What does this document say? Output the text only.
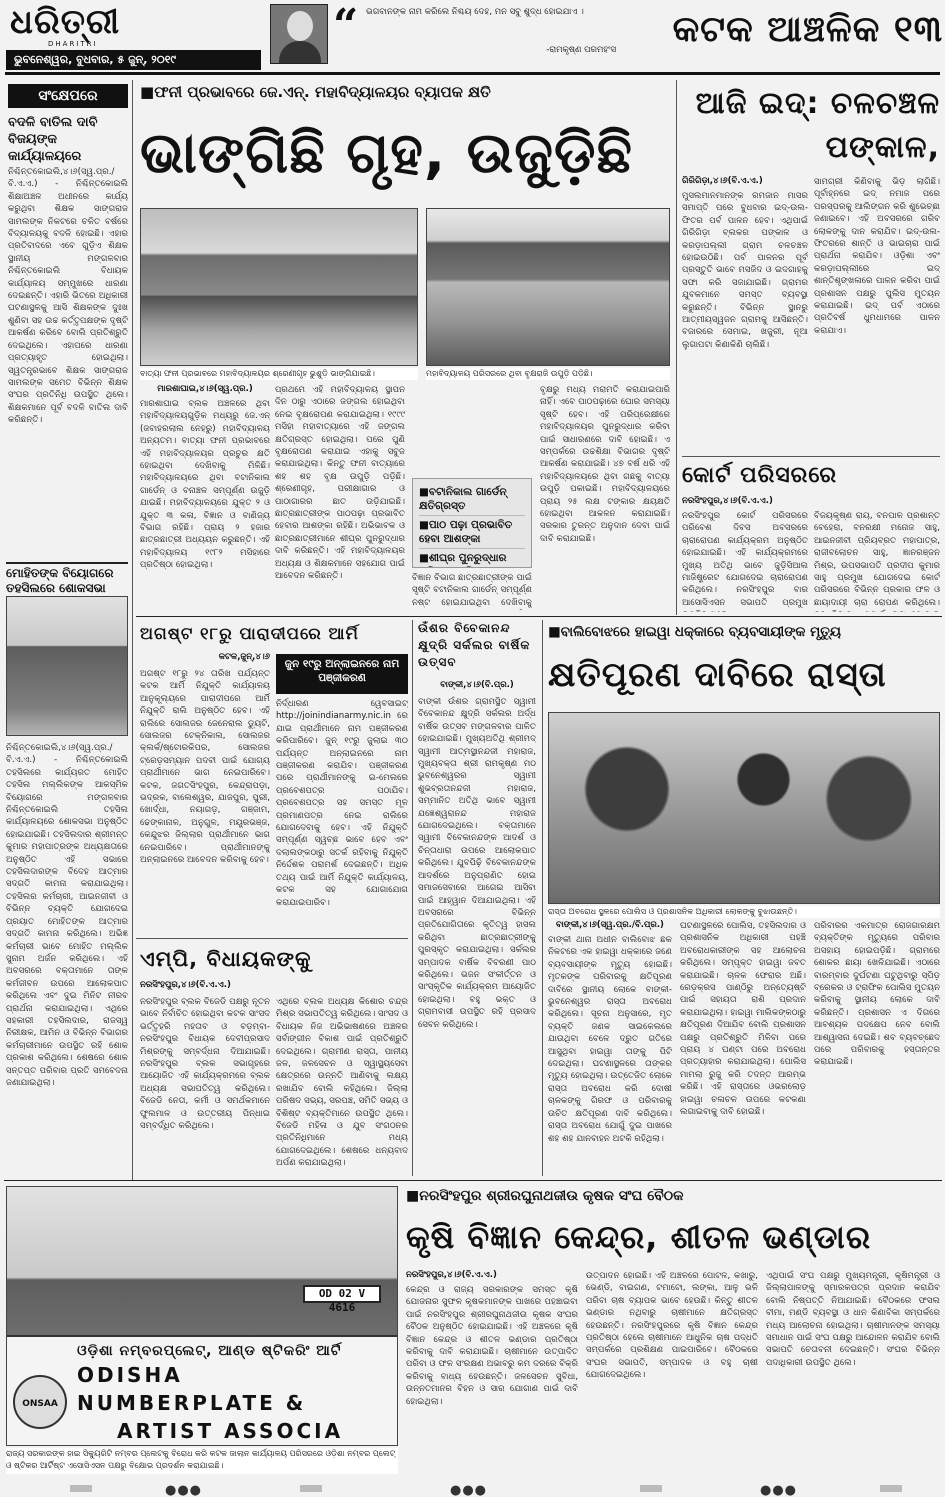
ଧରିତ୍ରୀ
DHARITRI
ଭୁବନେଶ୍ୱର, ବୁଧବାର, ୫ ଜୁନ୍, ୨୦୧୯
“ ଭଗବାନଙ୍କ ନାମ କରିଲେ ନିଶ୍ଚୟ ଦେହ, ମନ ସବୁ ଶୁଦ୍ଧ ହୋଇଯାଏ ।
-ରାମକୃଷ୍ଣ ପରମହଂସ କଟକ ଆଞ୍ଚଳିକ ୧୩
ସଂକ୍ଷେପରେ
ବଦଳି ବାତିଲ ଦାବି ବିଜୟଙ୍କ କାର୍ଯ୍ୟାଳୟରେ
ନିଶ୍ଚିନ୍ତକୋଇଲି,୪।୬(ସ୍ୱ.ପ୍ର./ବି.ଏ.ଏ.) - ନିଶ୍ଚିନ୍ତକୋଇଲି ଶିକ୍ଷାଅଞ୍ଚଳ ଅଧୀନରେ କାର୍ଯ୍ୟ କରୁଥିବା ଶିକ୍ଷକ ସାଙ୍ଗରାଜ ସାମଲଙ୍କ ନିକଟରେ ଚଳିତ ବର୍ଷରେ ବିଦ୍ୟାଳୟକୁ ବଦଳି ହୋଇଛି। ଏହାର ପ୍ରତିବାଦରେ ଏବେ ଗୁଡ଼ିଏ ଶିକ୍ଷକ ସ୍ଥାନୀୟ ମଙ୍ଗଳବାର ନିଶ୍ଚିନ୍ତକୋଇଲି ବିଧାୟକ କାର୍ଯ୍ୟାଳୟ ସମ୍ମୁଖରେ ଧାରଣା ଦେଇଛନ୍ତି। ଏହାରି ଭିତରେ ଅଧିକାରୀ ଘଟଣାସ୍ଥଳକୁ ଆସି ଶିକ୍ଷକଙ୍କ ଦୁଃଖ ଶୁଣିବା ସହ ଉଚ୍ଚ କର୍ତ୍ତୃପକ୍ଷଙ୍କ ଦୃଷ୍ଟି ଆକର୍ଷଣ କରିବେ ବୋଲି ପ୍ରତିଶ୍ରୁତି ଦେଇଥିଲେ। ଏହାପରେ ଧାରଣା ପ୍ରତ୍ୟାହୃତ ହୋଇଥିଲା। ସ୍ୱତନ୍ତ୍ରଭାବେ ଶିକ୍ଷକ ସାଙ୍ଗରାଜ ସାମଲଙ୍କ ସମେତ ବିଭିନ୍ନ ଶିକ୍ଷକ ସଂଘର ପ୍ରତିନିଧି ଉପସ୍ଥିତ ଥିଲେ। ଶିକ୍ଷକମାନେ ପୂର୍ବ ବଦଳି ବାତିଲ ଦାବି କରିଛନ୍ତି।
ମୋହିତଙ୍କ ବିୟୋଗରେ ତହସିଲରେ ଶୋକସଭା
ନିଶ୍ଚିନ୍ତକୋଇଲି,୪।୬(ସ୍ୱ.ପ୍ର./ବି.ଏ.ଏ.) - ନିଶ୍ଚିନ୍ତକୋଇଲି ତହସିଲରେ କାର୍ଯ୍ୟରତ ମୋହିତ ତହସିଲ ମଲ୍ଲିକଙ୍କ ଆକସ୍ମିକ ବିୟୋଗରେ ମଙ୍ଗଳବାର ନିଶ୍ଚିନ୍ତକୋଇଲି ତହସିଲ କାର୍ଯ୍ୟାଳୟରେ ଶୋକସଭା ଅନୁଷ୍ଠିତ ହୋଇଯାଇଛି। ତହସିଲଦାର ଶ୍ରୀମନ୍ତ କୁମାର ମହାପାତ୍ରଙ୍କ ଅଧ୍ୟକ୍ଷତାରେ ଅନୁଷ୍ଠିତ ଏହି ସଭାରେ ତହସିଲଦାରଙ୍କ ବିଦେହ ଆତ୍ମାର ସଦ୍ଗତି କାମନା କରାଯାଇଥିଲା। ତହସିଲର କର୍ମଚାରୀ, ଆଇନଜୀବୀ ଓ ବିଭିନ୍ନ ବ୍ୟକ୍ତି ଯୋଗଦେଇ ପ୍ରୟାତ ମୋହିତଙ୍କ ଆତ୍ମାର ସଦ୍ଗତି କାମନା କରିଥିଲେ। ଅଭିଜ୍ଞ କର୍ମଚାରୀ ଭାବେ ମୋହିତ ମଲ୍ଲିକ ସୁନାମ ଅର୍ଜନ କରିଥିଲେ। ଏହି ଅବସରରେ ବକ୍ତାମାନେ ତାଙ୍କ କର୍ମଜୀବନ ଉପରେ ଆଲୋକପାତ କରିଥିଲେ ଏବଂ ଦୁଇ ମିନିଟ ନୀରବ ପ୍ରାର୍ଥନା କରାଯାଇଥିଲା। ଏଥିରେ ସହକାରୀ ତହସିଲଦାର, ରାଜସ୍ୱ ନିରୀକ୍ଷକ, ଆମିନ ଓ ବିଭିନ୍ନ ବିଭାଗର କର୍ମଚାରୀମାନେ ଉପସ୍ଥିତ ରହି ଶୋକ ପ୍ରକାଶ କରିଥିଲେ। ଶେଷରେ ଶୋକ ସନ୍ତପ୍ତ ପରିବାର ପ୍ରତି ସମବେଦନା ଜଣାଯାଇଥିଲା।
■ ଫନୀ ପ୍ରଭାବରେ ଜେ.ଏନ୍‌. ମହାବିଦ୍ୟାଳୟର ବ୍ୟାପକ କ୍ଷତି
ଭାଙ୍ଗିଛି ଗୃହ, ଉଜୁଡ଼ିଛି
ବାତ୍ୟା ଫନୀ ପ୍ରଭାବରେ ମହାବିଦ୍ୟାଳୟର ଶ୍ରେଣୀଗୃହ ଭୁଶୁଡ଼ି ଭାଙ୍ଗିଯାଇଛି।	ମହାବିଦ୍ୟାଳୟ ପରିସରରେ ଥିବା ବୃକ୍ଷରାଜି ଉପୁଡ଼ି ପଡ଼ିଛି।
ମାରଶାଘାଇ,୪।୬(ସ୍ୱ.ପ୍ର.)
ମାରଶାଘାଇ ବ୍ଲକ ଅଞ୍ଚଳରେ ଥିବା ମହାବିଦ୍ୟାଳୟଗୁଡ଼ିକ ମଧ୍ୟରୁ ଜେ.ଏନ୍‌ (ଜବାହରଲାଲ ନେହରୁ) ମହାବିଦ୍ୟାଳୟ ଅନ୍ୟତମ। ବାତ୍ୟା ଫନୀ ପ୍ରଭାବରେ ଏହି ମହାବିଦ୍ୟାଳୟର ପ୍ରଚୁର କ୍ଷତି ହୋଇଥିବା ଦେଖିବାକୁ ମିଳିଛି। ମହାବିଦ୍ୟାଳୟରେ ଥିବା ବଟାନିକାଲ ଗାର୍ଡେନ୍ ଓ ବନାଞ୍ଚଳ ସମ୍ପୂର୍ଣ୍ଣ ଉଜୁଡ଼ି ଯାଇଛି। ମହାବିଦ୍ୟାଳୟରେ ଯୁକ୍ତ ୨ ଓ ଯୁକ୍ତ ୩ କଳା, ବିଜ୍ଞାନ ଓ ବାଣିଜ୍ୟ ବିଭାଗ ରହିଛି। ପ୍ରାୟ ୨ ହଜାର ଛାତ୍ରଛାତ୍ରୀ ଅଧ୍ୟୟନ କରୁଛନ୍ତି। ଏହି ମହାବିଦ୍ୟାଳୟ ୧୯୮୨ ମସିହାରେ ପ୍ରତିଷ୍ଠା ହୋଇଥିଲା।
ପ୍ରଥମେ ଏହି ମହାବିଦ୍ୟାଳୟ ସ୍ଥାପନ ଦିନ ଠାରୁ ଏଠାରେ ଜଙ୍ଗଲ ହୋଇଥିବା ନେଇ ବୃକ୍ଷରୋପଣ କରାଯାଇଥିଲା। ୧୯୯୯ ମସିହା ମହାବାତ୍ୟାରେ ଏହି ଜଙ୍ଗଲ କ୍ଷତିଗ୍ରସ୍ତ ହୋଇଥିଲା। ପରେ ପୁଣି ବୃକ୍ଷରୋପଣ କରାଯାଇ ଏହାକୁ ସବୁଜ କରାଯାଇଥିଲା। କିନ୍ତୁ ଫନୀ ବାତ୍ୟାରେ ଶହ ଶହ ବୃକ୍ଷ ଉପୁଡ଼ି ପଡ଼ିଛି। ଶ୍ରେଣୀଗୃହ, ପରୀକ୍ଷାଗାର ଓ ପାଠାଗାରର ଛାତ ଉଡ଼ିଯାଇଛି। ଛାତ୍ରଛାତ୍ରୀଙ୍କ ପାଠପଢ଼ା ପ୍ରଭାବିତ ହେବାର ଆଶଙ୍କା ରହିଛି। ଅଭିଭାବକ ଓ ଛାତ୍ରଛାତ୍ରୀମାନେ ଶୀଘ୍ର ପୁନରୁଦ୍ଧାର ଦାବି କରିଛନ୍ତି। ଏହି ମହାବିଦ୍ୟାଳୟର ଅଧ୍ୟକ୍ଷ ଓ ଶିକ୍ଷକମାନେ ସହଯୋଗ ପାଇଁ ଆବେଦନ କରିଛନ୍ତି।
■ ବଟାନିକାଲ ଗାର୍ଡେନ୍ କ୍ଷତିଗ୍ରସ୍ତ
■ ପାଠ ପଢ଼ା ପ୍ରଭାବିତ ହେବା ଆଶଙ୍କା
■ ଶୀଘ୍ର ପୁନରୁଦ୍ଧାର
ବିଜ୍ଞାନ ବିଭାଗ ଛାତ୍ରଛାତ୍ରୀଙ୍କ ପାଇଁ ସୃଷ୍ଟି ବଟାନିକାଲ ଗାର୍ଡେନ୍‌ ସମ୍ପୂର୍ଣ୍ଣ ନଷ୍ଟ ହୋଇଯାଇଥିବା ଦେଖିବାକୁ
ବୃକ୍ଷରୁ ମଧ୍ୟ ମରାମତି କରାଯାଇପାରି ନାହିଁ। ଏବେ ପାଠପଢ଼ାରେ ଘୋର ସମସ୍ୟା ସୃଷ୍ଟି ହେବ। ଏହି ପରିପ୍ରେକ୍ଷୀରେ ମହାବିଦ୍ୟାଳୟର ପୁନରୁଦ୍ଧାର କରିବା ପାଇଁ ସାଧାରଣରେ ଦାବି ହୋଇଛି। ଏ ସମ୍ପର୍କରେ ଉଚ୍ଚଶିକ୍ଷା ବିଭାଗର ଦୃଷ୍ଟି ଆକର୍ଷଣ କରାଯାଇଛି। ୪୭ ବର୍ଷ ଧରି ଏହି ମହାବିଦ୍ୟାଳୟରେ ଥିବା ଗଛକୁ ବାତ୍ୟା ଉପୁଡ଼ି ପକାଇଛି। ମହାବିଦ୍ୟାଳୟରେ ପ୍ରାୟ ୨୫ ଲକ୍ଷ ଟଙ୍କାର କ୍ଷୟକ୍ଷତି ହୋଇଥିବା ଆକଳନ କରାଯାଇଛି। ସରକାର ତୁରନ୍ତ ଅନୁଦାନ ଦେବା ପାଇଁ ଦାବି କରାଯାଇଛି।
ଆଜି ଇଦ୍‌: ଚଳଚଞ୍ଚଳ ପଙ୍କାଳ,
ଗିରିଗିଡ଼ା,୪।୬(ବି.ଏ.ଏ.)
ମୁସଲମାନମାନଙ୍କ ରମଜାନ ମାସର ସମାପ୍ତି ପରେ ବୁଧବାର ଇଦ୍‌-ଉଲ-ଫିତର ପର୍ବ ପାଳନ ହେବ। ଏଥିପାଇଁ ଗିରିଗିଡ଼ା ବ୍ଲକର ପଙ୍କାଳ ଓ କରଡ଼ାପଲ୍ଲୀ ଗ୍ରାମ ଚଳଚଞ୍ଚଳ ହୋଇଉଠିଛି। ପର୍ବ ପାଳନର ପୂର୍ବ ପ୍ରସ୍ତୁତି ଭାବେ ମସଜିଦ ଓ ଇଦଗାହକୁ ସଫା କରି ସଜାଯାଇଛି। ଗ୍ରାମର ଯୁବକମାନେ ସମସ୍ତ ବ୍ୟବସ୍ଥା କରୁଛନ୍ତି। ବିଭିନ୍ନ ସ୍ଥାନରୁ ଆତ୍ମୀୟସ୍ୱଜନ ଗ୍ରାମକୁ ଆସିଛନ୍ତି। ବଜାରରେ ସେମାଇ, ଖଜୁରୀ, ନୂଆ ଲୁଗାପଟା କିଣାକିଣି ଚାଲିଛି।
ସାମଗ୍ରୀ କିଣିବାକୁ ଭିଡ଼ ଲାଗିଛି। ପୂର୍ବାହ୍ନରେ ଇଦ୍ ନମାଜ ପରେ ପରସ୍ପରକୁ ଆଲିଙ୍ଗନ କରି ଶୁଭେଚ୍ଛା ଜଣାଇବେ। ଏହି ଅବସରରେ ଗରିବ ଲୋକଙ୍କୁ ଦାନ କରାଯିବ। ଇଦ୍‌-ଉଲ-ଫିତରରେ ଶାନ୍ତି ଓ ଭାଇଚାରା ପାଇଁ ପ୍ରାର୍ଥନା କରାଯିବ। ଓଡ଼ିଶା ଏବଂ କରଡ଼ାପଲ୍ଲୀରେ ଇଦ୍ ଶାନ୍ତିଶୃଙ୍ଖଳାରେ ପାଳନ କରିବା ପାଇଁ ପ୍ରଶାସନ ପକ୍ଷରୁ ପୁଲିସ ମୁତୟନ କରାଯାଇଛି। ଇଦ୍‌ ପର୍ବ ଏଠାରେ ପ୍ରତିବର୍ଷ ଧୁମଧାମରେ ପାଳନ କରାଯାଏ।
କୋର୍ଟ ପରିସରରେ
ନରସିଂହପୁର,୪।୬(ବି.ଏ.ଏ.)
ନରସିଂହପୁର କୋର୍ଟ ପରିସରରେ ପରିବେଶ ଦିବସ ଅବସରରେ ଚାରାରୋପଣ କାର୍ଯ୍ୟକ୍ରମ ଅନୁଷ୍ଠିତ ହୋଇଯାଇଛି। ଏହି କାର୍ଯ୍ୟକ୍ରମରେ ମୁଖ୍ୟ ଅତିଥି ଭାବେ ଜୁଡ଼ିସିଆଲ ମାଜିଷ୍ଟ୍ରେଟ ଯୋଗଦେଇ ଚାରାରୋପଣ କରିଥିଲେ। ନରସିଂହପୁର ବାର ଆସୋସିଏସନ ସଭାପତି ପ୍ରମୁଖ
ବିଜୟକୃଷ୍ଣ ରାୟ, ବନପାଳ ପ୍ରଶାନ୍ତ ବେହେରା, ବନରକ୍ଷୀ ମନୋଜ ସାହୁ, ଆଇନଜୀବୀ ପ୍ରିୟବ୍ରତ ମହାପାତ୍ର, ରାଜୀବଲୋଚନ ସାହୁ, ଜ୍ଞାନରଞ୍ଜନ ମିଶ୍ର, ଉପସଭାପତି ପ୍ରଦୀପ କୁମାର ସାହୁ ପ୍ରମୁଖ ଯୋଗଦେଇ କୋର୍ଟ ପରିସରରେ ବିଭିନ୍ନ ପ୍ରକାର ଫଳ ଓ ଛାୟାଦାୟୀ ଚାରା ରୋପଣ କରିଥିଲେ।
ଅଗଷ୍ଟ ୧୮ରୁ ପାରାଦୀପରେ ଆର୍ମି
କଟକ,ଜୁନ୍‌,୪।୬
ଜୁନ ୧୯ରୁ ଅନ୍‌ଲାଇନରେ ନାମ ପଞ୍ଜୀକରଣ
ଅଗଷ୍ଟ ୧୮ରୁ ୨୪ ତାରିଖ ପର୍ଯ୍ୟନ୍ତ କଟକ ଆର୍ମି ନିଯୁକ୍ତି କାର୍ଯ୍ୟାଳୟ ଆନୁକୂଲ୍ୟରେ ପାରାଦୀପରେ ଆର୍ମି ନିଯୁକ୍ତି ରାଲି ଅନୁଷ୍ଠିତ ହେବ। ଏହି ରାଲିରେ ସୋଲଜର ଜେନେରାଲ ଡ୍ୟୁଟି, ସୋଲଜର ଟେକ୍‌ନିକାଲ, ସୋଲଜର କ୍ଲର୍କ/ଷ୍ଟୋରକିପର, ସୋଲଜର ଟ୍ରେଡ଼ସମ୍ୟାନ ପଦବୀ ପାଇଁ ଯୋଗ୍ୟ ପ୍ରାର୍ଥୀମାନେ ଭାଗ ନେଇପାରିବେ। କଟକ, ଜଗତସିଂହପୁର, କେନ୍ଦ୍ରାପଡ଼ା, ଭଦ୍ରକ, ବାଲେଶ୍ୱର, ଯାଜପୁର, ପୁରୀ, ଖୋର୍ଦ୍ଧା, ନୟାଗଡ଼, ଗଞ୍ଜାମ, ଢେଙ୍କାନାଳ, ଅନୁଗୁଳ, ମୟୂରଭଞ୍ଜ, କେନ୍ଦୁଝର ଜିଲ୍ଲାର ପ୍ରାର୍ଥୀମାନେ ଭାଗ ନେଇପାରିବେ। ପ୍ରାର୍ଥୀମାନଙ୍କୁ ଅନ୍‌ଲାଇନରେ ଆବେଦନ କରିବାକୁ ହେବ।
ନିର୍ଦ୍ଧାରଣ ୱେବସାଇଟ୍‌ http://joinindianarmy.nic.in ରେ ଯାଇ ପ୍ରାର୍ଥୀମାନେ ନାମ ପଞ୍ଜୀକରଣ କରିପାରିବେ। ଜୁନ୍‌ ୧୯ରୁ ଜୁଲାଇ ୩୦ ପର୍ଯ୍ୟନ୍ତ ଅନ୍‌ଲାଇନରେ ନାମ ପଞ୍ଜୀକରଣ କରାଯିବ। ପଞ୍ଜୀକରଣ ପରେ ପ୍ରାର୍ଥୀମାନଙ୍କୁ ଇ-ମେଲରେ ପ୍ରବେଶପତ୍ର ପଠାଯିବ। ପ୍ରବେଶପତ୍ର ସହ ସମସ୍ତ ମୂଳ ପ୍ରମାଣପତ୍ର ନେଇ ରାଲିରେ ଯୋଗଦେବାକୁ ହେବ। ଏହି ନିଯୁକ୍ତି ସମ୍ପୂର୍ଣ୍ଣ ସ୍ୱଚ୍ଛ ଭାବେ ହେବ ଏବଂ ଦଲାଲଙ୍କଠାରୁ ସତର୍କ ରହିବାକୁ ନିଯୁକ୍ତି ନିର୍ଦ୍ଦେଶକ ପରାମର୍ଶ ଦେଇଛନ୍ତି। ଅଧିକ ତଥ୍ୟ ପାଇଁ ଆର୍ମି ନିଯୁକ୍ତି କାର୍ଯ୍ୟାଳୟ, କଟକ ସହ ଯୋଗାଯୋଗ କରାଯାଇପାରିବ।
ଉଁଶର ବିବେକାନନ୍ଦ କ୍ଷୁଦ୍ରି ସର୍କଲର ବାର୍ଷିକ ଉତ୍ସବ
ବାଙ୍କୀ,୪।୬(ବି.ପ୍ର.)
ବାଙ୍କୀ ଉଁଶର ଗ୍ରାମସ୍ଥିତ ସ୍ୱାମୀ ବିବେକାନନ୍ଦ କ୍ଷୁଦ୍ରି ସର୍କଲର ଅର୍ଦ୍ଧ ବାର୍ଷିକ ଉତ୍ସବ ମଙ୍ଗଳବାର ପାଳିତ ହୋଇଯାଇଛି। ମୁଖ୍ୟଅତିଥି ଶ୍ରୀମଦ୍ ସ୍ୱାମୀ ଆତ୍ମସ୍ଥାନନ୍ଦଜୀ ମହାରାଜ, ମୁଖ୍ୟବକ୍ତା ଶ୍ରୀ ରାମକୃଷ୍ଣ ମଠ ଭୁବନେଶ୍ୱରର ସ୍ୱାମୀ ଶୁଭବ୍ରତାନନ୍ଦଜୀ ମହାରାଜ, ସମ୍ମାନିତ ଅତିଥି ଭାବେ ସ୍ୱାମୀ ଯଜ୍ଞେଶ୍ୱରାନନ୍ଦ ମହାରାଜ ଯୋଗଦେଇଥିଲେ। ବକ୍ତାମାନେ ସ୍ୱାମୀ ବିବେକାନନ୍ଦଙ୍କ ଆଦର୍ଶ ଓ ଚିନ୍ତାଧାରା ଉପରେ ଆଲୋକପାତ କରିଥିଲେ। ଯୁବପିଢ଼ି ବିବେକାନନ୍ଦଙ୍କ ଆଦର୍ଶରେ ଅନୁପ୍ରାଣିତ ହୋଇ ସମାଜସେବାରେ ଆଗେଇ ଆସିବା ପାଇଁ ଆହ୍ୱାନ ଦିଆଯାଇଥିଲା। ଏହି ଅବସରରେ ବିଭିନ୍ନ ପ୍ରତିଯୋଗିତାରେ କୃତିତ୍ୱ ହାସଲ କରିଥିବା ଛାତ୍ରଛାତ୍ରୀଙ୍କୁ ପୁରସ୍କୃତ କରାଯାଇଥିଲା। ସର୍କଲର ସମ୍ପାଦକ ବାର୍ଷିକ ବିବରଣୀ ପାଠ କରିଥିଲେ। ଭଜନ ସଂକୀର୍ତ୍ତନ ଓ ସାଂସ୍କୃତିକ କାର୍ଯ୍ୟକ୍ରମ ଆୟୋଜିତ ହୋଇଥିଲା। ବହୁ ଭକ୍ତ ଓ ଗ୍ରାମବାସୀ ଉପସ୍ଥିତ ରହି ପ୍ରସାଦ ସେବନ କରିଥିଲେ।
■ ବାଲିବୋଝରେ ହାଇୱା ଧକ୍କାରେ ବ୍ୟବସାୟୀଙ୍କ ମୃତ୍ୟୁ
କ୍ଷତିପୂରଣ ଦାବିରେ ରାସ୍ତା
ରାସ୍ତା ଅବରୋଧ ସ୍ଥଳରେ ପୋଲିସ ଓ ପ୍ରଶାସନିକ ଅଧିକାରୀ ଲୋକଙ୍କୁ ବୁଝାଉଛନ୍ତି।
ବାଙ୍କୀ,୪।୬(ସ୍ୱ.ପ୍ର./ବି.ପ୍ର.)
ବାଙ୍କୀ ଥାନା ଅଧୀନ ବାଲିବୋଝ ଛକ ନିକଟରେ ଏକ ହାଇୱା ଧକ୍କାରେ ଜଣେ ବ୍ୟବସାୟୀଙ୍କ ମୃତ୍ୟୁ ହୋଇଛି। ମୃତକଙ୍କ ପରିବାରକୁ କ୍ଷତିପୂରଣ ଦାବିରେ ସ୍ଥାନୀୟ ଲୋକେ ବାଙ୍କୀ-ଭୁବନେଶ୍ୱର ରାସ୍ତା ଅବରୋଧ କରିଥିଲେ। ସୂଚନା ଅନୁସାରେ, ମୃତ ବ୍ୟକ୍ତି ଜଣକ ସାଇକେଲରେ ଯାଉଥିବା ବେଳେ ଦ୍ରୁତ ଗତିରେ ଆସୁଥିବା ହାଇୱା ତାଙ୍କୁ ପିଟି ଦେଇଥିଲା। ଘଟଣାସ୍ଥଳରେ ତାଙ୍କର ମୃତ୍ୟୁ ହୋଇଥିଲା। ଉତ୍ତେଜିତ ଲୋକେ ରାସ୍ତା ଅବରୋଧ କରି ଦୋଷୀ ଚାଳକଙ୍କୁ ଗିରଫ ଓ ପରିବାରକୁ ଉଚିତ କ୍ଷତିପୂରଣ ଦାବି କରିଥିଲେ। ରାସ୍ତା ଅବରୋଧ ଯୋଗୁଁ ଦୁଇ ପାଖରେ ଶହ ଶହ ଯାନବାହନ ଅଟକି ରହିଥିଲା।
ଘଟଣାସ୍ଥଳରେ ପୋଲିସ, ତହସିଲଦାର ଓ ପ୍ରଶାସନିକ ଅଧିକାରୀ ପହଞ୍ଚି ଅବରୋଧକାରୀଙ୍କ ସହ ଆଲୋଚନା କରିଥିଲେ। ସମ୍ପୃକ୍ତ ହାଇୱା ଜବତ କରାଯାଇଛି। ଚାଳକ ଫେରାର ଅଛି। ରେଡ଼କ୍ରସ ପାଣ୍ଠିରୁ ଅନ୍ତ୍ୟେଷ୍ଟି ପାଇଁ ସହାୟତା ରାଶି ପ୍ରଦାନ କରାଯାଇଥିଲା। ହାଇୱା ମାଲିକଙ୍କଠାରୁ କ୍ଷତିପୂରଣ ଦିଆଯିବ ବୋଲି ପ୍ରଶାସନ ପକ୍ଷରୁ ପ୍ରତିଶ୍ରୁତି ମିଳିବା ପରେ ପ୍ରାୟ ୪ ଘଣ୍ଟା ପରେ ଅବରୋଧ ପ୍ରତ୍ୟାହାର କରାଯାଇଥିଲା। ପୋଲିସ ମାମଲା ରୁଜୁ କରି ତଦନ୍ତ ଆରମ୍ଭ କରିଛି। ଏହି ରାସ୍ତାରେ ଓଭରଲୋଡ଼ ହାଇୱା ଚଳାଚଳ ଉପରେ କଟକଣା ଲଗାଇବାକୁ ଦାବି ହୋଇଛି।
ପରିବାରର ଏକମାତ୍ର ରୋଜଗାରକ୍ଷମ ବ୍ୟକ୍ତିଙ୍କ ମୃତ୍ୟୁରେ ପରିବାର ଅସହାୟ ହୋଇପଡ଼ିଛି। ଗ୍ରାମରେ ଶୋକର ଛାୟା ଖେଳିଯାଇଛି। ଏଠାରେ ବାରମ୍ବାର ଦୁର୍ଘଟଣା ଘଟୁଥିବାରୁ ସ୍ପିଡ଼ ବ୍ରେକର ଓ ଟ୍ରାଫିକ ପୋଲିସ ମୁତୟନ କରିବାକୁ ସ୍ଥାନୀୟ ଲୋକେ ଦାବି କରିଛନ୍ତି। ପ୍ରଶାସନ ଏ ଦିଗରେ ଆବଶ୍ୟକ ପଦକ୍ଷେପ ନେବ ବୋଲି ଆଶ୍ୱାସନା ଦେଇଛି। ଶବ ବ୍ୟବଚ୍ଛେଦ ପରେ ପରିବାରକୁ ହସ୍ତାନ୍ତର କରାଯାଇଛି।
ଏମ୍‌ପି, ବିଧାୟକଙ୍କୁ
ନରସିଂହପୁର,୪।୬(ବି.ଏ.ଏ.)
ନରସିଂହପୁର ବ୍ଲକ ବିଜେଡି ପକ୍ଷରୁ ନୂତନ ଭାବେ ନିର୍ବାଚିତ ହୋଇଥିବା କଟକ ସାଂସଦ ଭର୍ତ୍ତୃହରି ମହତାବ ଓ ବଡ଼ମ୍ବା-ନରସିଂହପୁର ବିଧାୟକ ଦେବୀପ୍ରସାଦ ମିଶ୍ରଙ୍କୁ ସମ୍ବର୍ଦ୍ଧନା ଦିଆଯାଇଛି। ନରସିଂହପୁର ବ୍ଲକ ସଭାଗୃହରେ ଆୟୋଜିତ ଏହି କାର୍ଯ୍ୟକ୍ରମରେ ବ୍ଲକ ଅଧ୍ୟକ୍ଷ ସଭାପତିତ୍ୱ କରିଥିଲେ। ବିଜେଡି ନେତା, କର୍ମୀ ଓ ସମର୍ଥକମାନେ ଫୁଲମାଳ ଓ ଉତ୍ତରୀୟ ପିନ୍ଧାଇ ସମ୍ବର୍ଦ୍ଧିତ କରିଥିଲେ।
ଏଥିରେ ବ୍ଲକ ଅଧ୍ୟକ୍ଷ କିଶୋର ଚନ୍ଦ୍ର ମିଶ୍ର ସଭାପତିତ୍ୱ କରିଥିଲେ। ସାଂସଦ ଓ ବିଧାୟକ ନିଜ ଅଭିଭାଷଣରେ ଅଞ୍ଚଳର ସର୍ବାଙ୍ଗୀନ ବିକାଶ ପାଇଁ ପ୍ରତିଶ୍ରୁତି ଦେଇଥିଲେ। ଗ୍ରାମୀଣ ରାସ୍ତା, ପାନୀୟ ଜଳ, ଜଳସେଚନ ଓ ସ୍ୱାସ୍ଥ୍ୟସେବା କ୍ଷେତ୍ରରେ ଉନ୍ନତି ଆଣିବାକୁ ଲକ୍ଷ୍ୟ ରଖାଯିବ ବୋଲି କହିଥିଲେ। ଜିଲ୍ଲା ପରିଷଦ ସଭ୍ୟ, ସରପଞ୍ଚ, ସମିତି ସଭ୍ୟ ଓ ବିଶିଷ୍ଟ ବ୍ୟକ୍ତିମାନେ ଉପସ୍ଥିତ ଥିଲେ। ବିଜେଡି ମହିଳା ଓ ଯୁବ ସଂଗଠନର ପ୍ରତିନିଧିମାନେ ମଧ୍ୟ ଯୋଗଦେଇଥିଲେ। ଶେଷରେ ଧନ୍ୟବାଦ ଅର୍ପଣ କରାଯାଇଥିଲା।
OD 02 V 4616
ଓଡ଼ିଶା ନମ୍ବରପ୍ଲେଟ୍, ଆଣ୍ଡ ଷ୍ଟିକରିଂ ଆର୍ଟି
ODISHA NUMBERPLATE &
ARTIST ASSOCIA
ONSAA
ରାଜ୍ୟ ସରକାରଙ୍କ ହାଇ ସିକ୍ୟୁରିଟି ନମ୍ବର ପ୍ଲେଟକୁ ବିରୋଧ କରି କଟକ ଜାଲାନ କାର୍ଯ୍ୟାଳୟ ପରିସରରେ ଓଡ଼ିଶା ନମ୍ବର ପ୍ଲେଟ୍ ଓ ଷ୍ଟିକର ଆର୍ଟିଷ୍ଟ ଏସୋସିଏସନ ପକ୍ଷରୁ ବିକ୍ଷୋଭ ପ୍ରଦର୍ଶନ କରାଯାଇଛି।
■ ନରସିଂହପୁର ଶ୍ରୀରଘୁନାଥଜୀଉ କୃଷକ ସଂଘ ବୈଠକ
କୃଷି ବିଜ୍ଞାନ କେନ୍ଦ୍ର, ଶୀତଳ ଭଣ୍ଡାର
ନରସିଂହପୁର,୪।୬(ବି.ଏ.ଏ.)
କେନ୍ଦ୍ର ଓ ରାଜ୍ୟ ସରକାରଙ୍କ ସମସ୍ତ କୃଷି ଯୋଜନାର ସୁଫଳ କୃଷକମାନଙ୍କ ପାଖରେ ପହଞ୍ଚାଇବା ପାଇଁ ନରସିଂହପୁର ଶ୍ରୀରଘୁନାଥଜୀଉ କୃଷକ ସଂଘର ବୈଠକ ଅନୁଷ୍ଠିତ ହୋଇଯାଇଛି। ଏହି ଅଞ୍ଚଳରେ କୃଷି ବିଜ୍ଞାନ କେନ୍ଦ୍ର ଓ ଶୀତଳ ଭଣ୍ଡାର ପ୍ରତିଷ୍ଠା କରିବାକୁ ଦାବି କରାଯାଇଛି। ଚାଷୀମାନେ ଉତ୍ପାଦିତ ପରିବା ଓ ଫଳ ସଂରକ୍ଷଣ ଅଭାବରୁ କମ ଦରରେ ବିକ୍ରି କରିବାକୁ ବାଧ୍ୟ ହେଉଛନ୍ତି। ଜଳସେଚନ ସୁବିଧା, ଉନ୍ନତମାନର ବିହନ ଓ ସାର ଯୋଗାଣ ପାଇଁ ଦାବି ହୋଇଥିଲା।
ଉତ୍ପାଦନ ହୋଇଛି। ଏହି ଅଞ୍ଚଳରେ ପୋଟଳ, କଖାରୁ, ଭେଣ୍ଡି, ବାଇଗଣ, ଟମାଟୋ, ଲଙ୍କା, ଆଳୁ ଭଳି ପରିବା ଚାଷ ବ୍ୟାପକ ଭାବେ ହେଉଛି। କିନ୍ତୁ ଶୀତଳ ଭଣ୍ଡାର ନଥିବାରୁ ଚାଷୀମାନେ କ୍ଷତିଗ୍ରସ୍ତ ହେଉଛନ୍ତି। ନରସିଂହପୁରରେ କୃଷି ବିଜ୍ଞାନ କେନ୍ଦ୍ର ପ୍ରତିଷ୍ଠା ହେଲେ ଚାଷୀମାନେ ଆଧୁନିକ ଚାଷ ପଦ୍ଧତି ସମ୍ପର୍କରେ ପ୍ରଶିକ୍ଷଣ ପାଇପାରିବେ। ବୈଠକରେ ସଂଘର ସଭାପତି, ସମ୍ପାଦକ ଓ ବହୁ ଚାଷୀ ଯୋଗଦେଇଥିଲେ।
ଏଥିପାଇଁ ସଂଘ ପକ୍ଷରୁ ମୁଖ୍ୟମନ୍ତ୍ରୀ, କୃଷିମନ୍ତ୍ରୀ ଓ ଜିଲ୍ଲାପାଳଙ୍କୁ ସ୍ମାରକପତ୍ର ପ୍ରଦାନ କରାଯିବ ବୋଲି ନିଷ୍ପତ୍ତି ନିଆଯାଇଛି। ବୈଠକରେ ଫସଲ ବୀମା, ମଣ୍ଡି ବ୍ୟବସ୍ଥା ଓ ଧାନ କିଣାବିକା ସମ୍ପର୍କରେ ମଧ୍ୟ ଆଲୋଚନା ହୋଇଥିଲା। ଚାଷୀମାନଙ୍କ ସମସ୍ୟା ସମାଧାନ ପାଇଁ ସଂଘ ପକ୍ଷରୁ ଆନ୍ଦୋଳନ କରାଯିବ ବୋଲି ସଭାପତି ଚେତାବନୀ ଦେଇଛନ୍ତି। ସଂଘର ବିଭିନ୍ନ ପଦାଧିକାରୀ ଉପସ୍ଥିତ ଥିଲେ।
●●●	●●●	●●●
